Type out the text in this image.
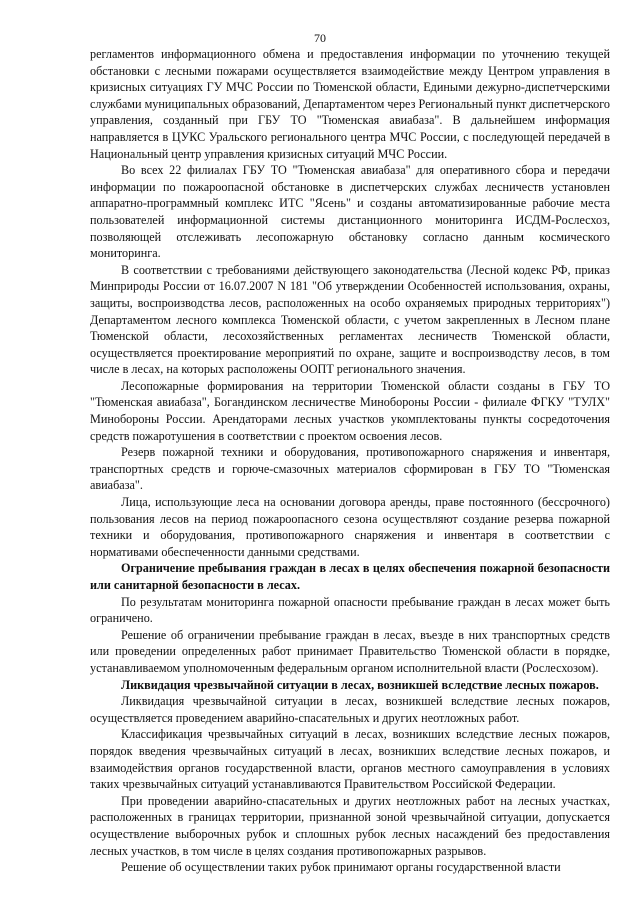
70

регламентов информационного обмена и предоставления информации по уточнению текущей обстановки с лесными пожарами осуществляется взаимодействие между Центром управления в кризисных ситуациях ГУ МЧС России по Тюменской области, Едиными дежурно-диспетчерскими службами муниципальных образований, Департаментом через Региональный пункт диспетчерского управления, созданный при ГБУ ТО "Тюменская авиабаза". В дальнейшем информация направляется в ЦУКС Уральского регионального центра МЧС России, с последующей передачей в Национальный центр управления кризисных ситуаций МЧС России.

Во всех 22 филиалах ГБУ ТО "Тюменская авиабаза" для оперативного сбора и передачи информации по пожароопасной обстановке в диспетчерских службах лесничеств установлен аппаратно-программный комплекс ИТС "Ясень" и созданы автоматизированные рабочие места пользователей информационной системы дистанционного мониторинга ИСДМ-Рослесхоз, позволяющей отслеживать лесопожарную обстановку согласно данным космического мониторинга.

В соответствии с требованиями действующего законодательства (Лесной кодекс РФ, приказ Минприроды России от 16.07.2007 N 181 "Об утверждении Особенностей использования, охраны, защиты, воспроизводства лесов, расположенных на особо охраняемых природных территориях") Департаментом лесного комплекса Тюменской области, с учетом закрепленных в Лесном плане Тюменской области, лесохозяйственных регламентах лесничеств Тюменской области, осуществляется проектирование мероприятий по охране, защите и воспроизводству лесов, в том числе в лесах, на которых расположены ООПТ регионального значения.

Лесопожарные формирования на территории Тюменской области созданы в ГБУ ТО "Тюменская авиабаза", Богандинском лесничестве Минобороны России - филиале ФГКУ "ТУЛХ" Минобороны России. Арендаторами лесных участков укомплектованы пункты сосредоточения средств пожаротушения в соответствии с проектом освоения лесов.

Резерв пожарной техники и оборудования, противопожарного снаряжения и инвентаря, транспортных средств и горюче-смазочных материалов сформирован в ГБУ ТО "Тюменская авиабаза".

Лица, использующие леса на основании договора аренды, праве постоянного (бессрочного) пользования лесов на период пожароопасного сезона осуществляют создание резерва пожарной техники и оборудования, противопожарного снаряжения и инвентаря в соответствии с нормативами обеспеченности данными средствами.

Ограничение пребывания граждан в лесах в целях обеспечения пожарной безопасности или санитарной безопасности в лесах.

По результатам мониторинга пожарной опасности пребывание граждан в лесах может быть ограничено.

Решение об ограничении пребывание граждан в лесах, въезде в них транспортных средств или проведении определенных работ принимает Правительство Тюменской области в порядке, устанавливаемом уполномоченным федеральным органом исполнительной власти (Рослесхозом).

Ликвидация чрезвычайной ситуации в лесах, возникшей вследствие лесных пожаров.

Ликвидация чрезвычайной ситуации в лесах, возникшей вследствие лесных пожаров, осуществляется проведением аварийно-спасательных и других неотложных работ.

Классификация чрезвычайных ситуаций в лесах, возникших вследствие лесных пожаров, порядок введения чрезвычайных ситуаций в лесах, возникших вследствие лесных пожаров, и взаимодействия органов государственной власти, органов местного самоуправления в условиях таких чрезвычайных ситуаций устанавливаются Правительством Российской Федерации.

При проведении аварийно-спасательных и других неотложных работ на лесных участках, расположенных в границах территории, признанной зоной чрезвычайной ситуации, допускается осуществление выборочных рубок и сплошных рубок лесных насаждений без предоставления лесных участков, в том числе в целях создания противопожарных разрывов.

Решение об осуществлении таких рубок принимают органы государственной власти
